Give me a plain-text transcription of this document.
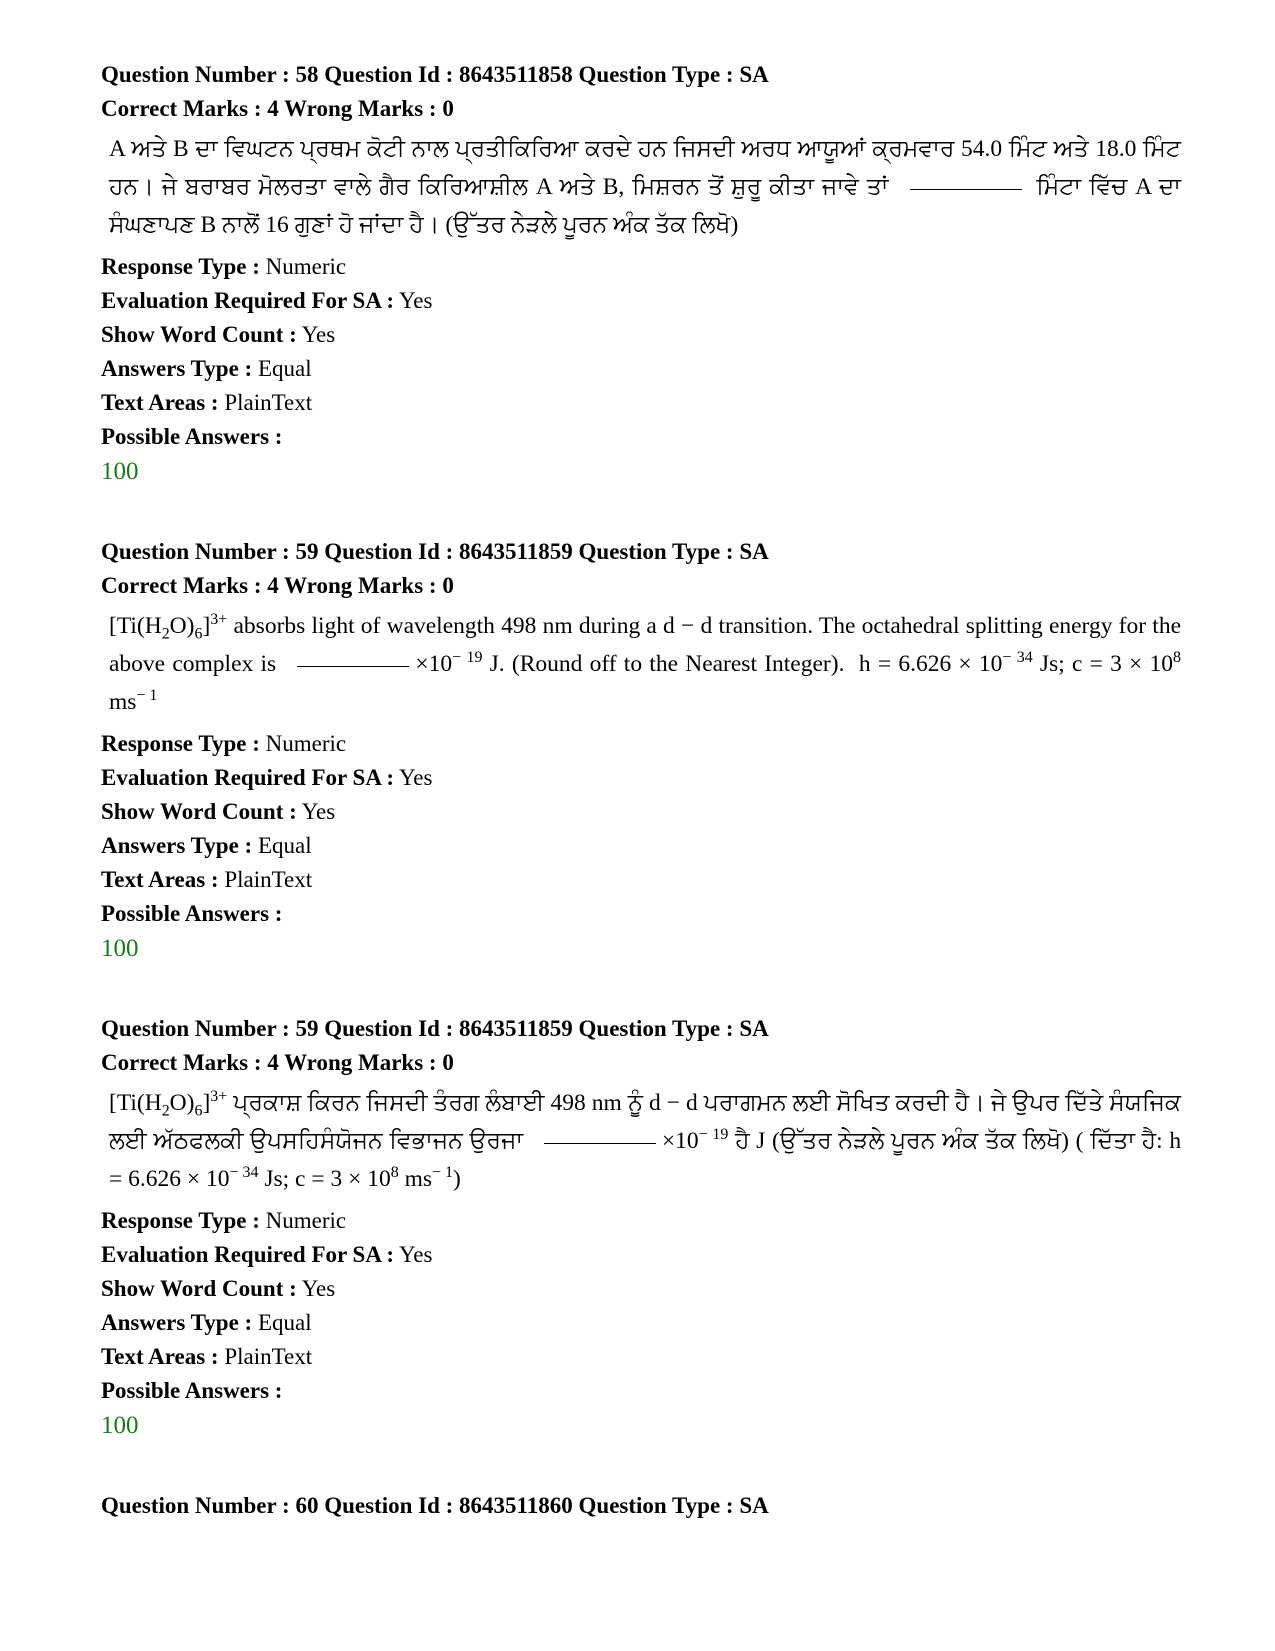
Question Number : 58 Question Id : 8643511858 Question Type : SA
Correct Marks : 4 Wrong Marks : 0
A ਅਤੇ B ਦਾ ਵਿਘਟਨ ਪ੍ਰਥਮ ਕੋਟੀ ਨਾਲ ਪ੍ਰਤੀਕਿਰਿਆ ਕਰਦੇ ਹਨ ਜਿਸਦੀ ਅਰਧ ਆਯੂਆਂ ਕ੍ਰਮਵਾਰ 54.0 ਮਿੰਟ ਅਤੇ 18.0 ਮਿੰਟ ਹਨ। ਜੇ ਬਰਾਬਰ ਮੋਲਰਤਾ ਵਾਲੇ ਗੈਰ ਕਿਰਿਆਸ਼ੀਲ A ਅਤੇ B, ਮਿਸ਼ਰਨ ਤੋਂ ਸ਼ੁਰੂ ਕੀਤਾ ਜਾਵੇ ਤਾਂ	ਮਿੰਟਾ ਵਿੱਚ A ਦਾ ਸੰਘਣਾਪਣ B ਨਾਲੋਂ 16 ਗੁਣਾਂ ਹੋ ਜਾਂਦਾ ਹੈ। (ਉੱਤਰ ਨੇੜਲੇ ਪੂਰਨ ਅੰਕ ਤੱਕ ਲਿਖੋ)
Response Type : Numeric
Evaluation Required For SA : Yes
Show Word Count : Yes
Answers Type : Equal
Text Areas : PlainText
Possible Answers :
100
Question Number : 59 Question Id : 8643511859 Question Type : SA
Correct Marks : 4 Wrong Marks : 0
$[Ti(H_2O)_6]^{3+}$ absorbs light of wavelength 498 nm during a d − d transition. The octahedral splitting energy for the above complex is	$\times 10^{- 19}$ J. (Round off to the Nearest Integer). $h = 6.626 \times 10^{- 34}$ Js; $c = 3 \times 10^8$ $ms^{- 1}$
Response Type : Numeric
Evaluation Required For SA : Yes
Show Word Count : Yes
Answers Type : Equal
Text Areas : PlainText
Possible Answers :
100
Question Number : 59 Question Id : 8643511859 Question Type : SA
Correct Marks : 4 Wrong Marks : 0
$[Ti(H_2O)_6]^{3+}$ ਪ੍ਰਕਾਸ਼ ਕਿਰਨ ਜਿਸਦੀ ਤੰਰਗ ਲੰਬਾਈ 498 nm ਨੂੰ d − d ਪਰਾਗਮਨ ਲਈ ਸੋਖਿਤ ਕਰਦੀ ਹੈ। ਜੇ ਉਪਰ ਦਿੱਤੇ ਸੰਯਜਿਕ ਲਈ ਅੱਠਫਲਕੀ ਉਪਸਹਿਸੰਯੋਜਨ ਵਿਭਾਜਨ ਉਰਜਾ	$\times 10^{- 19}$ ਹੈ J (ਉੱਤਰ ਨੇੜਲੇ ਪੂਰਨ ਅੰਕ ਤੱਕ ਲਿਖੋ) ( ਦਿੱਤਾ ਹੈ: $h = 6.626 \times 10^{- 34}$ Js; $c = 3 \times 10^8$ $ms^{- 1}$)
Response Type : Numeric
Evaluation Required For SA : Yes
Show Word Count : Yes
Answers Type : Equal
Text Areas : PlainText
Possible Answers :
100
Question Number : 60 Question Id : 8643511860 Question Type : SA
